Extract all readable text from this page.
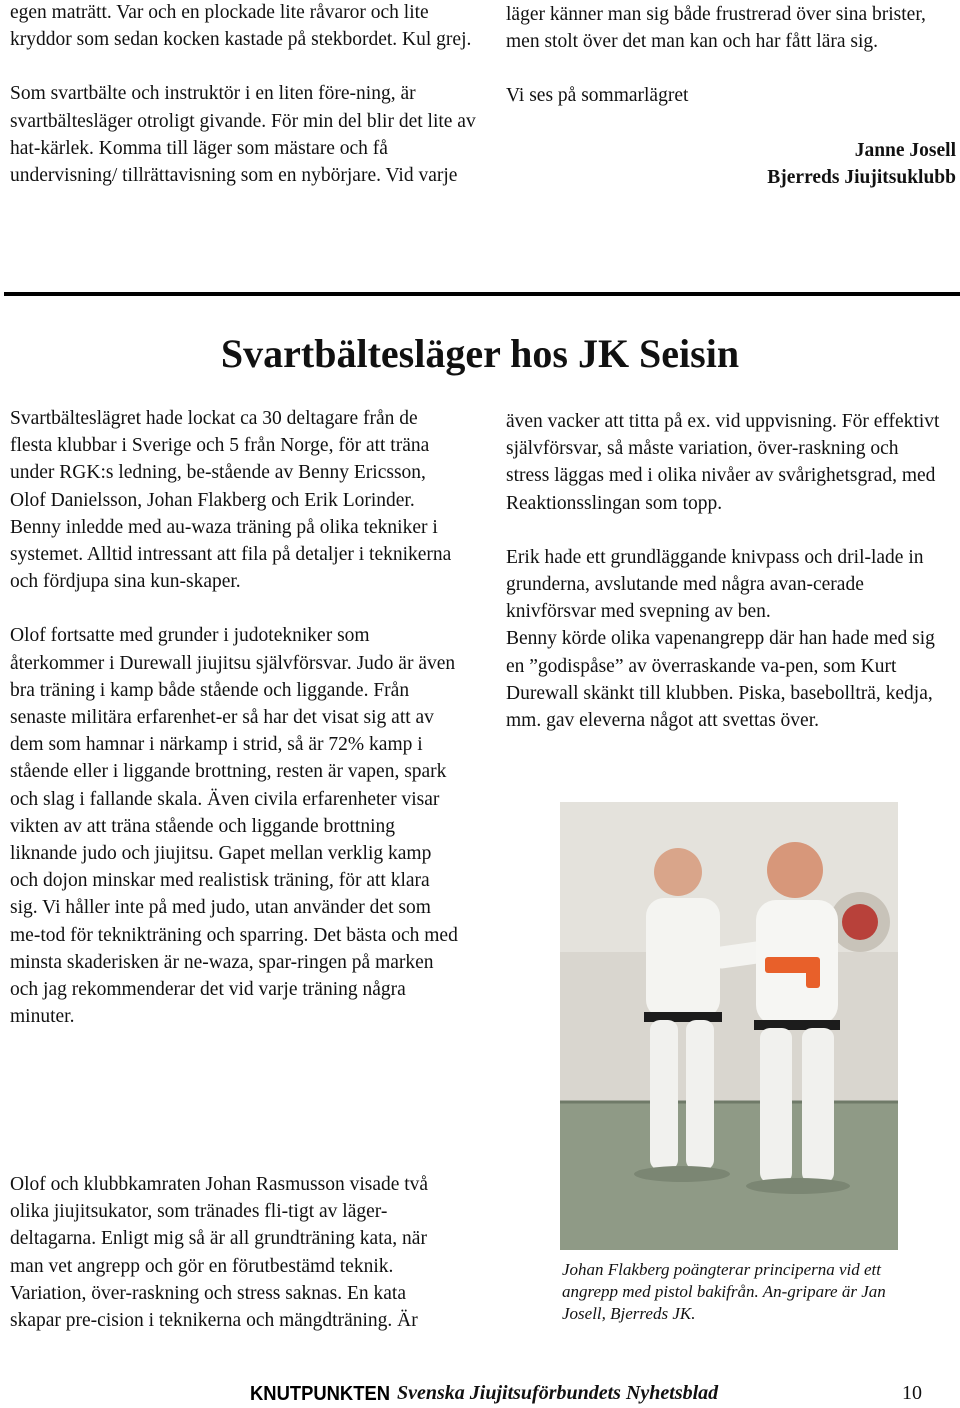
egen maträtt. Var och en plockade lite råvaror och lite kryddor som sedan kocken kastade på stekbordet. Kul grej.

Som svartbälte och instruktör i en liten före-ning, är svartbältesläger otroligt givande. För min del blir det lite av hat-kärlek. Komma till läger som mästare och få undervisning/ tillrättavisning som en nybörjare. Vid varje

läger känner man sig både frustrerad över sina brister, men stolt över det man kan och har fått lära sig.

Vi ses på sommarlägret

Janne Josell

Bjerreds Jiujitsuklubb

Svartbältesläger hos JK Seisin

Svartbälteslägret hade lockat ca 30 deltagare från de flesta klubbar i Sverige och 5 från Norge, för att träna under RGK:s ledning, be-stående av Benny Ericsson, Olof Danielsson, Johan Flakberg och Erik Lorinder.

Benny inledde med au-waza träning på olika tekniker i systemet. Alltid intressant att fila på detaljer i teknikerna och fördjupa sina kun-skaper.

Olof fortsatte med grunder i judotekniker som återkommer i Durewall jiujitsu självförsvar. Judo är även bra träning i kamp både stående och liggande. Från senaste militära erfarenhet-er så har det visat sig att av dem som hamnar i närkamp i strid, så är 72% kamp i stående eller i liggande brottning, resten är vapen, spark och slag i fallande skala. Även civila erfarenheter visar vikten av att träna stående och liggande brottning liknande judo och jiujitsu. Gapet mellan verklig kamp och dojon minskar med realistisk träning, för att klara sig. Vi håller inte på med judo, utan använder det som me-tod för teknikträning och sparring. Det bästa och med minsta skaderisken är ne-waza, spar-ringen på marken och jag rekommenderar det vid varje träning några minuter.

Olof och klubbkamraten Johan Rasmusson visade två olika jiujitsukator, som tränades fli-tigt av läger- deltagarna. Enligt mig så är all grundträning kata, när man vet angrepp och gör en förutbestämd teknik. Variation, över-raskning och stress saknas. En kata skapar pre-cision i teknikerna och mängdträning. Är

även vacker att titta på ex. vid uppvisning. För effektivt självförsvar, så måste variation, över-raskning och stress läggas med i olika nivåer av svårighetsgrad, med Reaktionsslingan som topp.

Erik hade ett grundläggande knivpass och dril-lade in grunderna, avslutande med några avan-cerade knivförsvar med svepning av ben.

Benny körde olika vapenangrepp där han hade med sig en ”godispåse” av överraskande va-pen, som Kurt Durewall skänkt till klubben. Piska, basebollträ, kedja, mm. gav eleverna något att svettas över.

Johan Flakberg poängterar principerna vid ett angrepp med pistol bakifrån. An-gripare är Jan Josell, Bjerreds JK.

KNUTPUNKTEN Svenska Jiujitsuförbundets Nyhetsblad	10
